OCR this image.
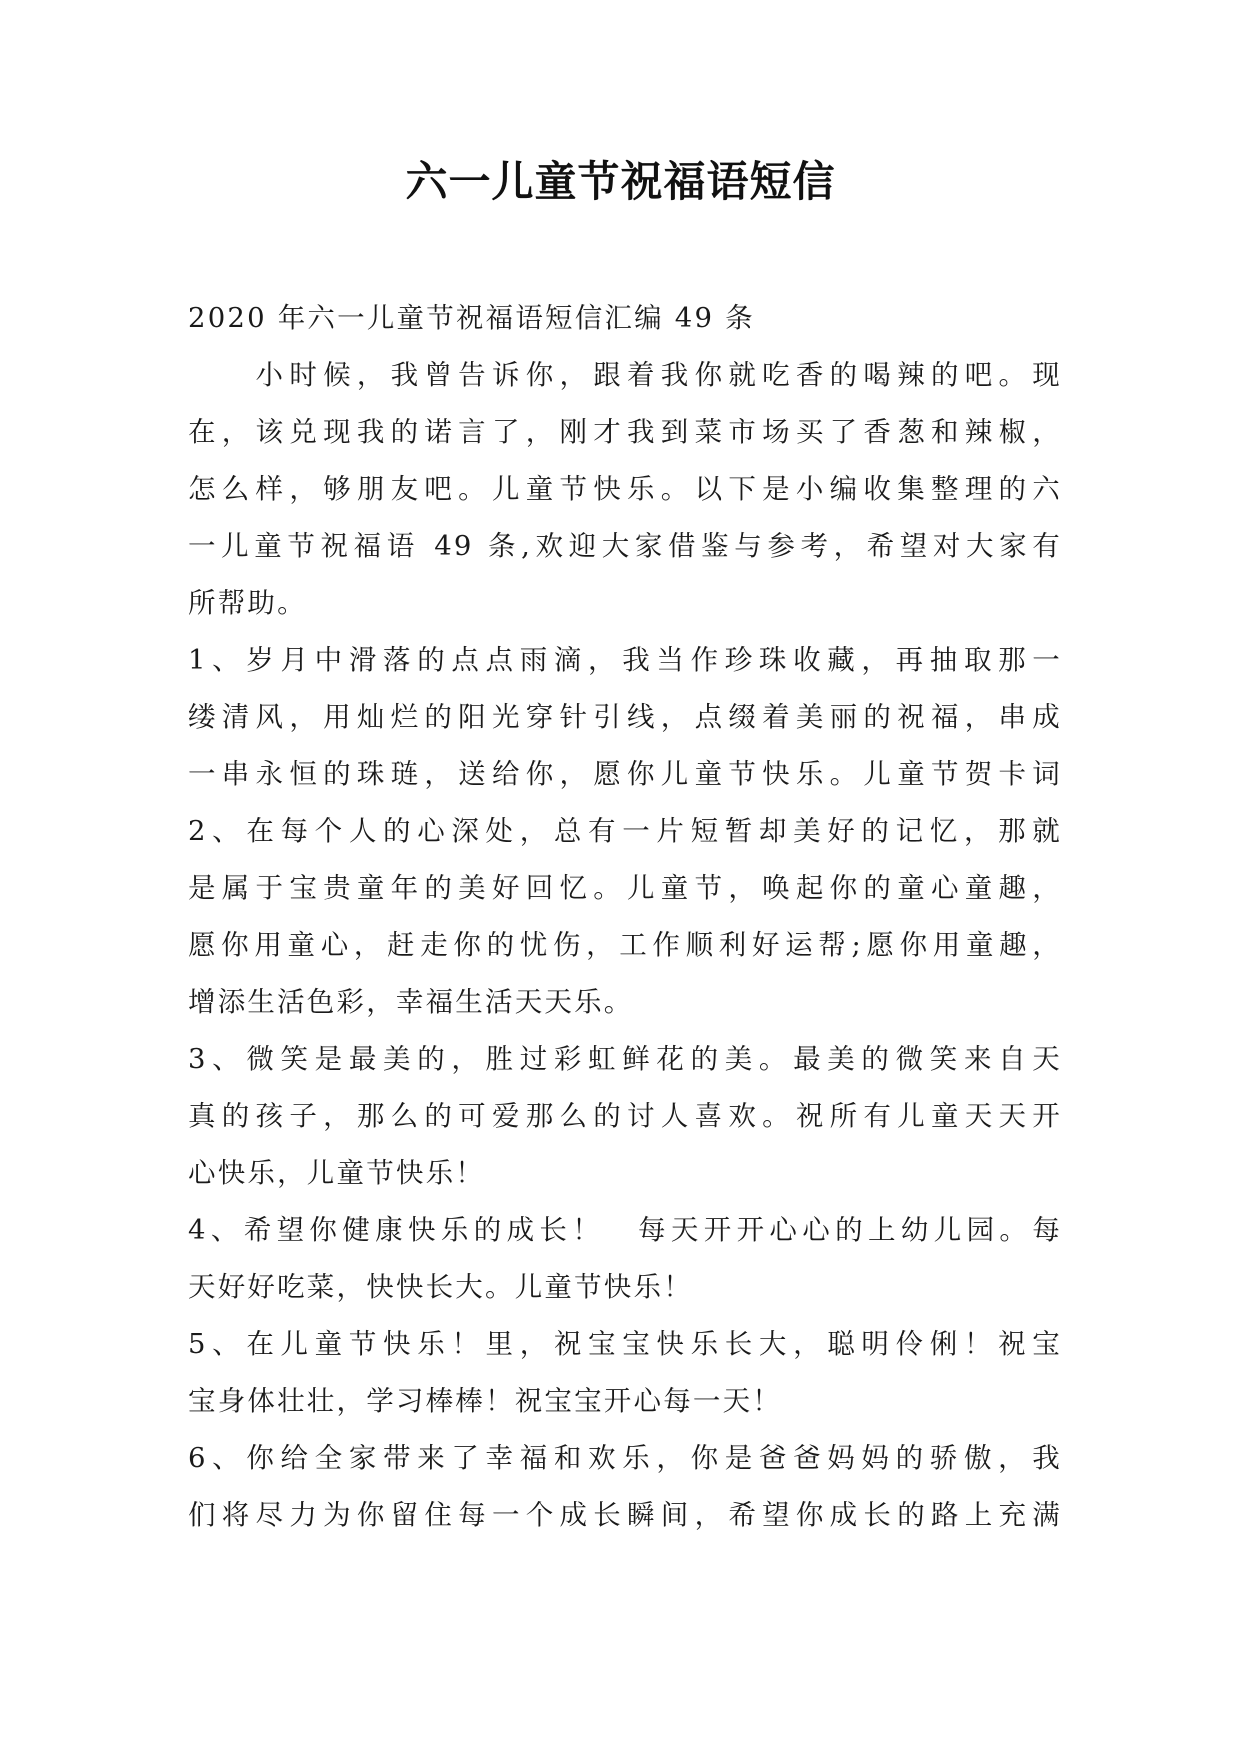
六一儿童节祝福语短信
2020 年六一儿童节祝福语短信汇编 49 条
　　小时候，我曾告诉你，跟着我你就吃香的喝辣的吧。现
在，该兑现我的诺言了，刚才我到菜市场买了香葱和辣椒，
怎么样，够朋友吧。儿童节快乐。以下是小编收集整理的六
一儿童节祝福语 49 条,欢迎大家借鉴与参考，希望对大家有
所帮助。
1、岁月中滑落的点点雨滴，我当作珍珠收藏，再抽取那一
缕清风，用灿烂的阳光穿针引线，点缀着美丽的祝福，串成
一串永恒的珠琏，送给你，愿你儿童节快乐。儿童节贺卡词
2、在每个人的心深处，总有一片短暂却美好的记忆，那就
是属于宝贵童年的美好回忆。儿童节，唤起你的童心童趣，
愿你用童心，赶走你的忧伤，工作顺利好运帮;愿你用童趣，
增添生活色彩，幸福生活天天乐。
3、微笑是最美的，胜过彩虹鲜花的美。最美的微笑来自天
真的孩子，那么的可爱那么的讨人喜欢。祝所有儿童天天开
心快乐，儿童节快乐！
4、希望你健康快乐的成长！　每天开开心心的上幼儿园。每
天好好吃菜，快快长大。儿童节快乐！
5、在儿童节快乐！里，祝宝宝快乐长大，聪明伶俐！祝宝
宝身体壮壮，学习棒棒！祝宝宝开心每一天！
6、你给全家带来了幸福和欢乐，你是爸爸妈妈的骄傲，我
们将尽力为你留住每一个成长瞬间，希望你成长的路上充满
